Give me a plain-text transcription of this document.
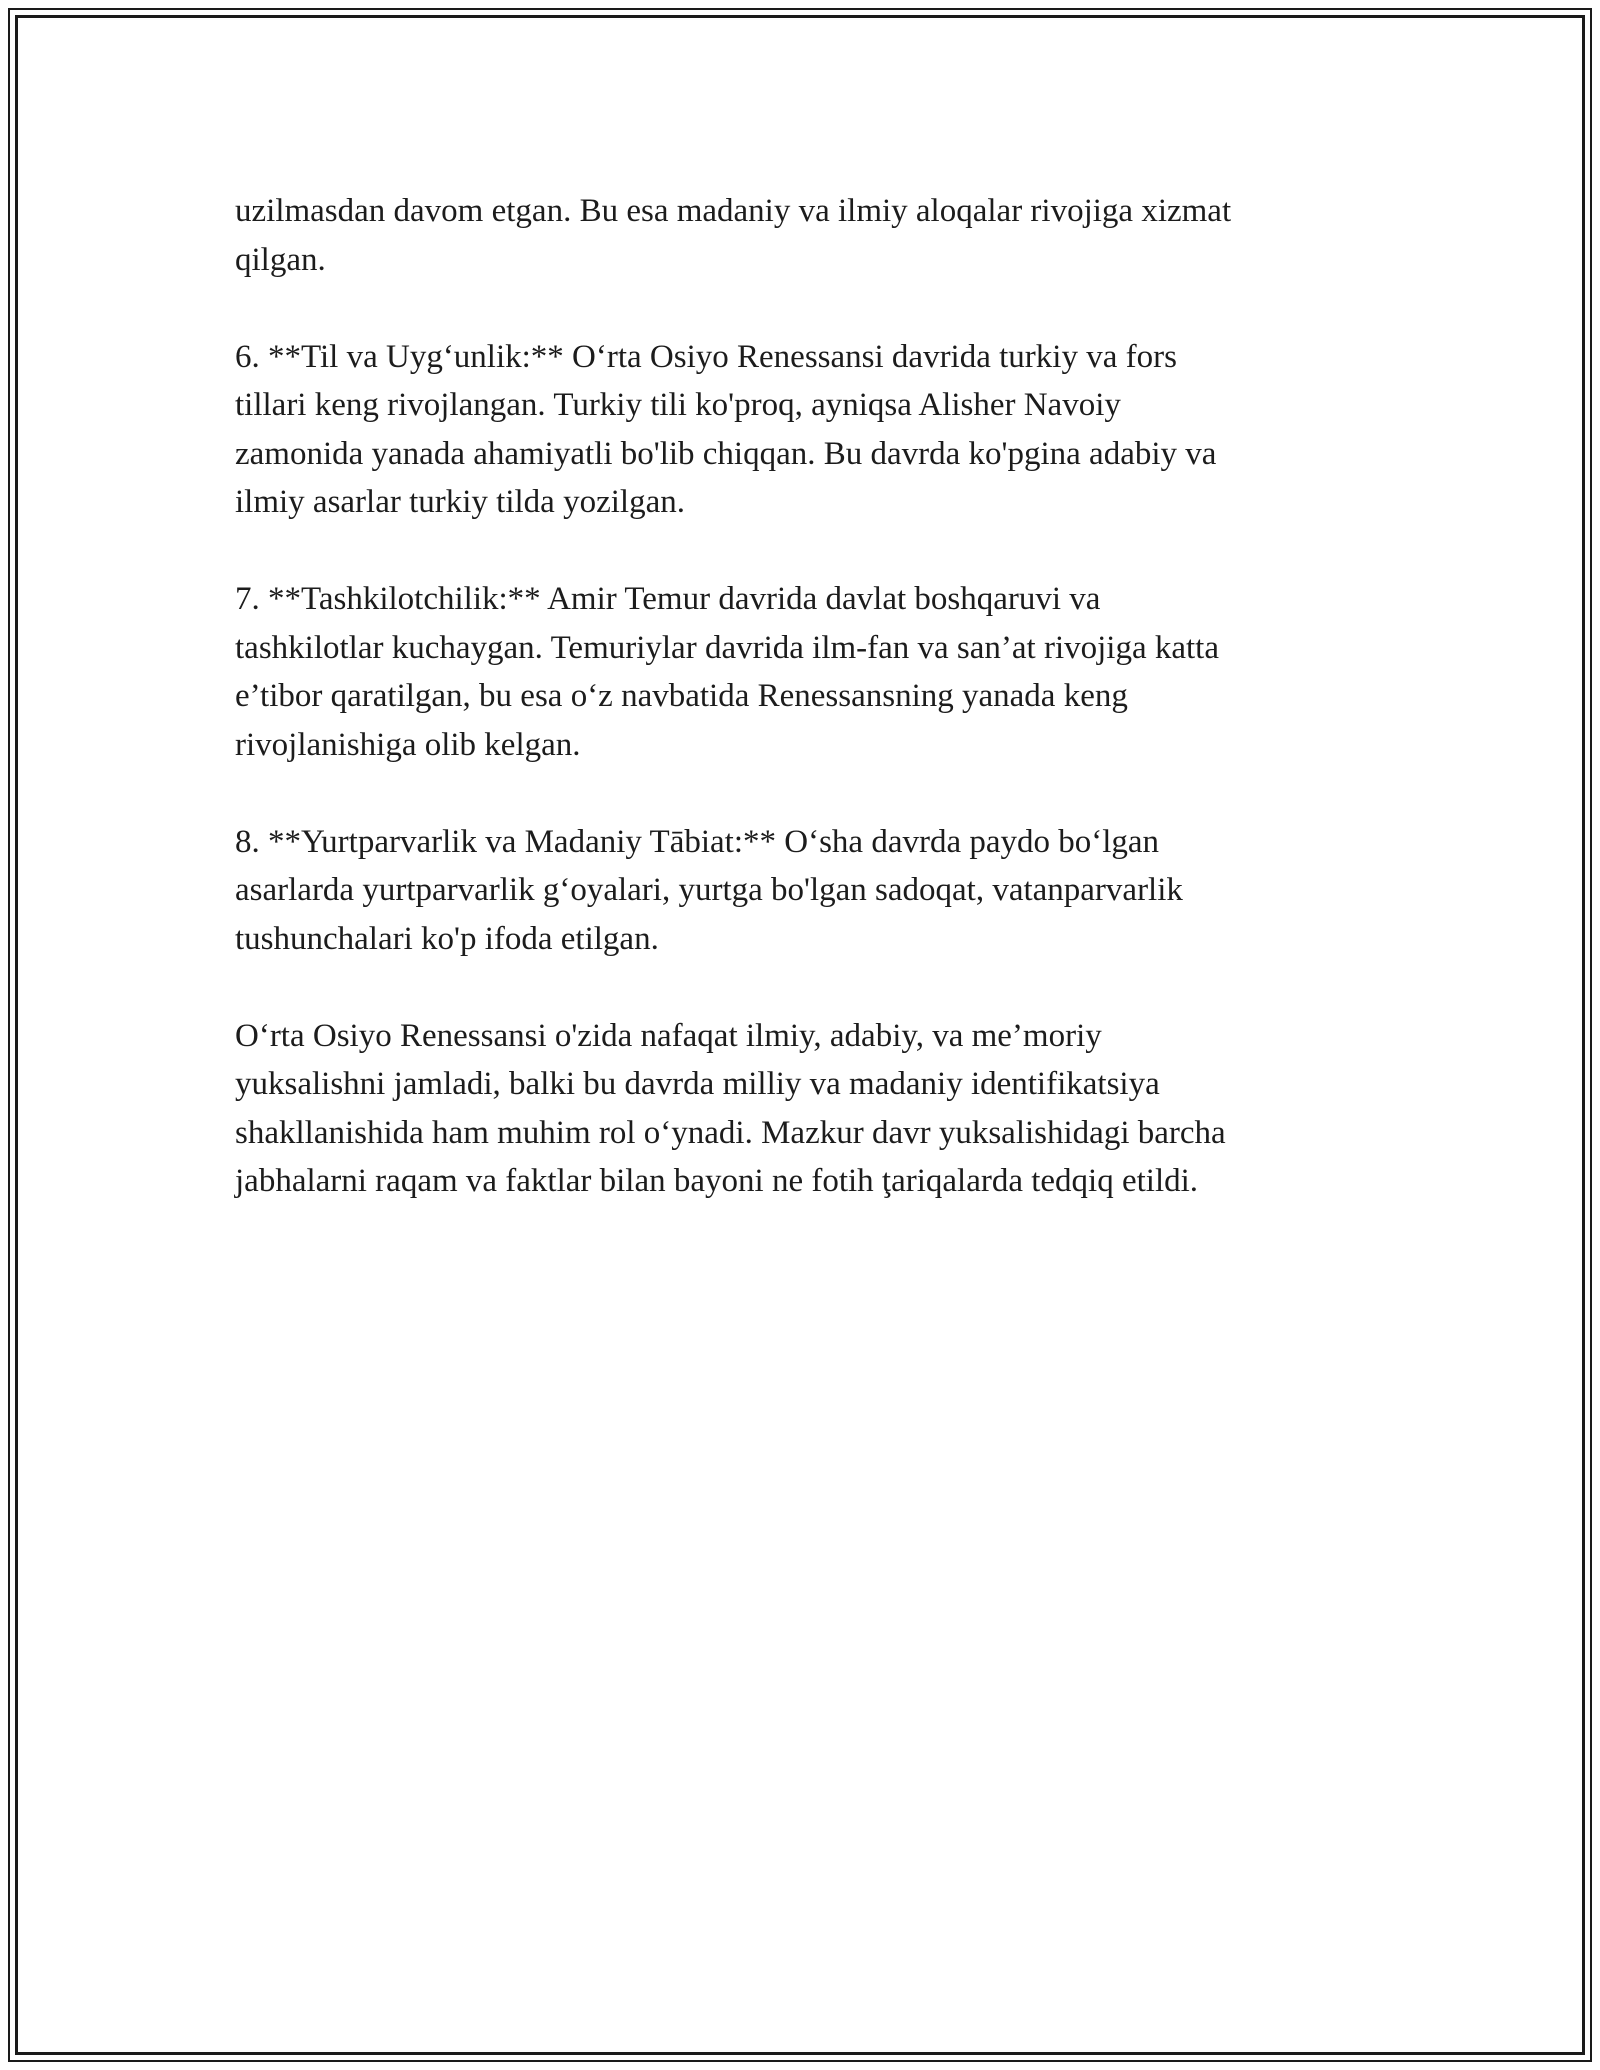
uzilmasdan davom etgan. Bu esa madaniy va ilmiy aloqalar rivojiga xizmat
qilgan.

6. **Til va Uyg‘unlik:** O‘rta Osiyo Renessansi davrida turkiy va fors
tillari keng rivojlangan. Turkiy tili ko'proq, ayniqsa Alisher Navoiy
zamonida yanada ahamiyatli bo'lib chiqqan. Bu davrda ko'pgina adabiy va
ilmiy asarlar turkiy tilda yozilgan.

7. **Tashkilotchilik:** Amir Temur davrida davlat boshqaruvi va
tashkilotlar kuchaygan. Temuriylar davrida ilm-fan va san’at rivojiga katta
e’tibor qaratilgan, bu esa o‘z navbatida Renessansning yanada keng
rivojlanishiga olib kelgan.

8. **Yurtparvarlik va Madaniy Tābiat:** O‘sha davrda paydo bo‘lgan
asarlarda yurtparvarlik g‘oyalari, yurtga bo'lgan sadoqat, vatanparvarlik
tushunchalari ko'p ifoda etilgan.

O‘rta Osiyo Renessansi o'zida nafaqat ilmiy, adabiy, va me’moriy
yuksalishni jamladi, balki bu davrda milliy va madaniy identifikatsiya
shakllanishida ham muhim rol o‘ynadi. Mazkur davr yuksalishidagi barcha
jabhalarni raqam va faktlar bilan bayoni ne fotih ţariqalarda tedqiq etildi.
